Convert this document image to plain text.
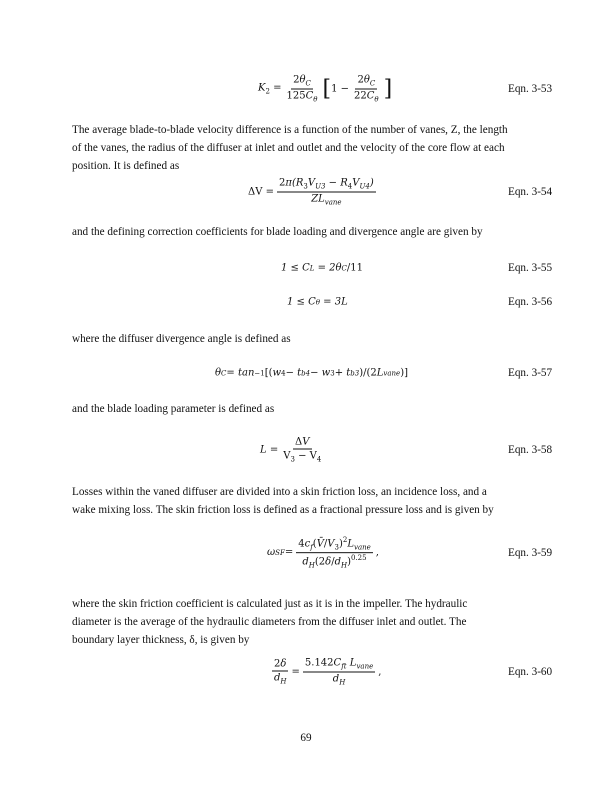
$K_2 = \frac{2\theta_C}{125C_\theta}$ [ $1 - \frac{2\theta_C}{22C_\theta}$ ]	Eqn. 3-53
The average blade-to-blade velocity difference is a function of the number of vanes, Z, the length
of the vanes, the radius of the diffuser at inlet and outlet and the velocity of the core flow at each
position. It is defined as
$\Delta V = \frac{2\pi(R_3V_{U3} - R_4V_{U4})}{ZL_{vane}}$	Eqn. 3-54
and the defining correction coefficients for blade loading and divergence angle are given by
1 ≤ C L = 2θ C /11	Eqn. 3-55
1 ≤ C θ = 3L	Eqn. 3-56
where the diffuser divergence angle is defined as
θ C = tan −1 [( w 4 − t b4 − w 3 + t b3 )/(2 L vane )]	Eqn. 3-57
and the blade loading parameter is defined as
$L = \frac{\Delta V}{V_3 - V_4}$	Eqn. 3-58
Losses within the vaned diffuser are divided into a skin friction loss, an incidence loss, and a
wake mixing loss. The skin friction loss is defined as a fractional pressure loss and is given by
ω SF = $\frac{4c_f(V̄/V_3)^2L_{vane}}{d_H(2\delta/d_H)^{0.25}}$ ,	Eqn. 3-59
where the skin friction coefficient is calculated just as it is in the impeller. The hydraulic
diameter is the average of the hydraulic diameters from the diffuser inlet and outlet. The
boundary layer thickness, δ, is given by
$\frac{2\delta}{d_H} = \frac{5.142C_{ft} L_{vane}}{d_H}$ ,	Eqn. 3-60
69
